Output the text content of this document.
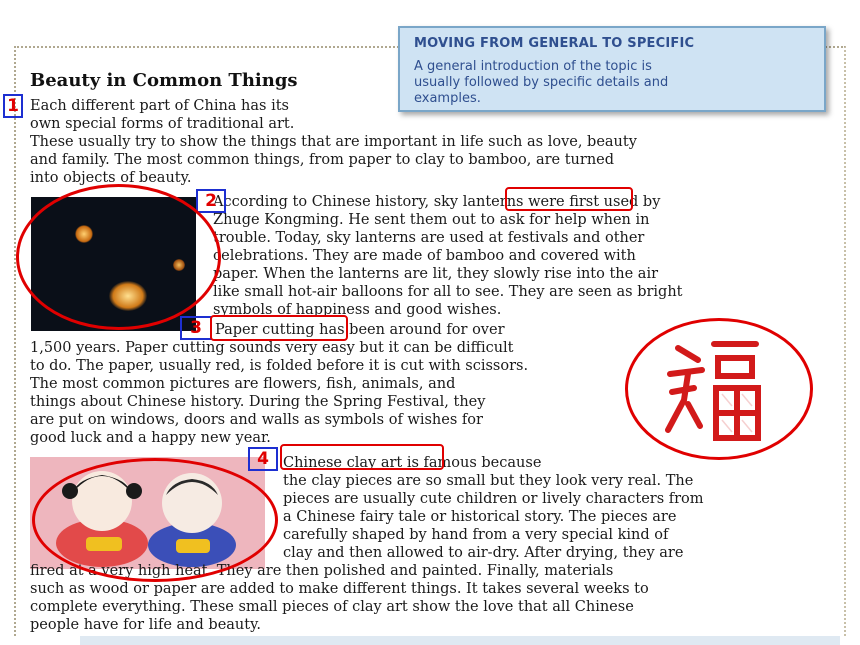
MOVING FROM GENERAL TO SPECIFIC
A general introduction of the topic is
usually followed by specific details and
examples.
Beauty in Common Things
Each different part of China has its
own special forms of traditional art.
These usually try to show the things that are important in life such as love, beauty
and family. The most common things, from paper to clay to bamboo, are turned
into objects of beauty.
According to Chinese history, sky lanterns were first used by
Zhuge Kongming. He sent them out to ask for help when in
trouble. Today, sky lanterns are used at festivals and other
celebrations. They are made of bamboo and covered with
paper. When the lanterns are lit, they slowly rise into the air
like small hot-air balloons for all to see. They are seen as bright
symbols of happiness and good wishes.
Paper cutting has been around for over
1,500 years. Paper cutting sounds very easy but it can be difficult
to do. The paper, usually red, is folded before it is cut with scissors.
The most common pictures are flowers, fish, animals, and
things about Chinese history. During the Spring Festival, they
are put on windows, doors and walls as symbols of wishes for
good luck and a happy new year.
Chinese clay art is famous because
the clay pieces are so small but they look very real. The
pieces are usually cute children or lively characters from
a Chinese fairy tale or historical story. The pieces are
carefully shaped by hand from a very special kind of
clay and then allowed to air-dry. After drying, they are
fired at a very high heat. They are then polished and painted. Finally, materials
such as wood or paper are added to make different things. It takes several weeks to
complete everything. These small pieces of clay art show the love that all Chinese
people have for life and beauty.
1
2
3
4
